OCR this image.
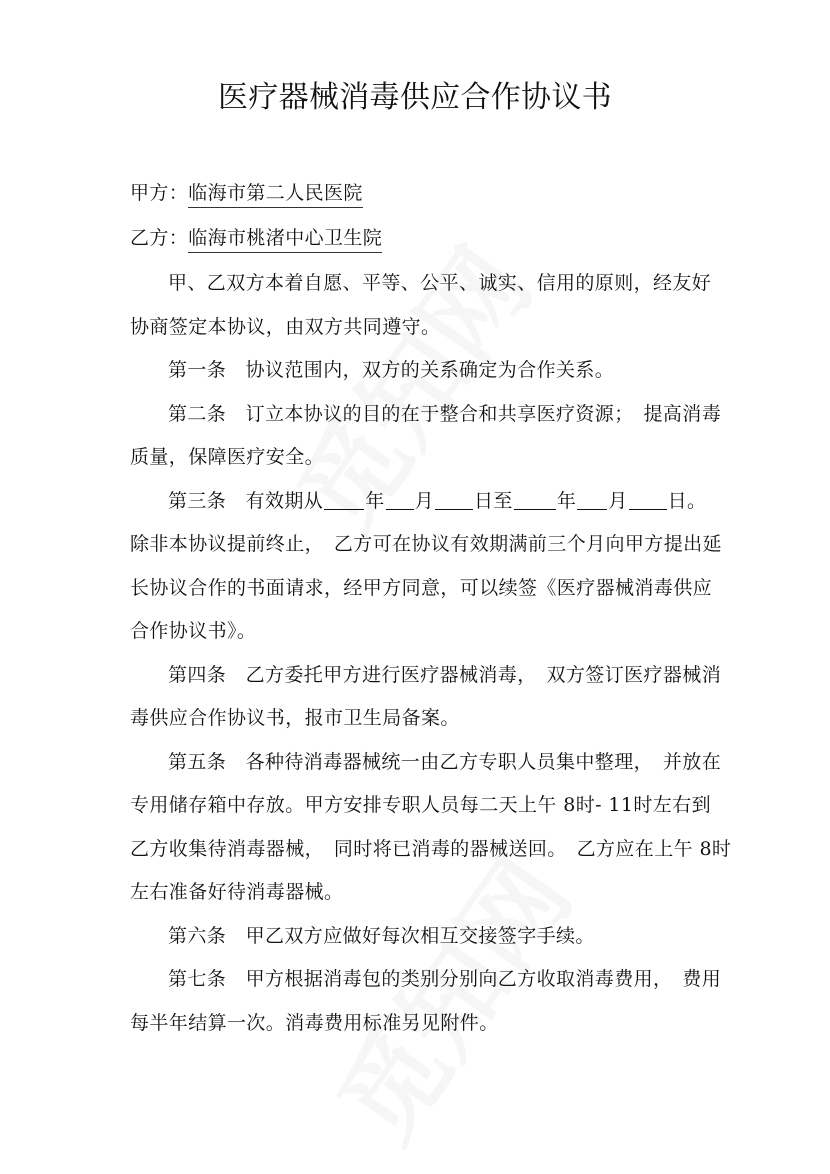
医疗器械消毒供应合作协议书
甲方：临海市第二人民医院
乙方：临海市桃渚中心卫生院
甲、乙双方本着自愿、平等、公平、诚实、信用的原则，经友好
协商签定本协议，由双方共同遵守。
第一条　协议范围内，双方的关系确定为合作关系。
第二条　订立本协议的目的在于整合和共享医疗资源；　提高消毒
质量，保障医疗安全。
第三条　有效期从 年 月 日至 年 月 日。
除非本协议提前终止，　乙方可在协议有效期满前三个月向甲方提出延
长协议合作的书面请求，经甲方同意，可以续签《医疗器械消毒供应
合作协议书》。
第四条　乙方委托甲方进行医疗器械消毒，　双方签订医疗器械消
毒供应合作协议书，报市卫生局备案。
第五条　各种待消毒器械统一由乙方专职人员集中整理，　并放在
专用储存箱中存放。甲方安排专职人员每二天上午 8时- 11时左右到
乙方收集待消毒器械，　同时将已消毒的器械送回。　乙方应在上午 8时
左右准备好待消毒器械。
第六条　甲乙双方应做好每次相互交接签字手续。
第七条　甲方根据消毒包的类别分别向乙方收取消毒费用，　费用
每半年结算一次。消毒费用标准另见附件。
